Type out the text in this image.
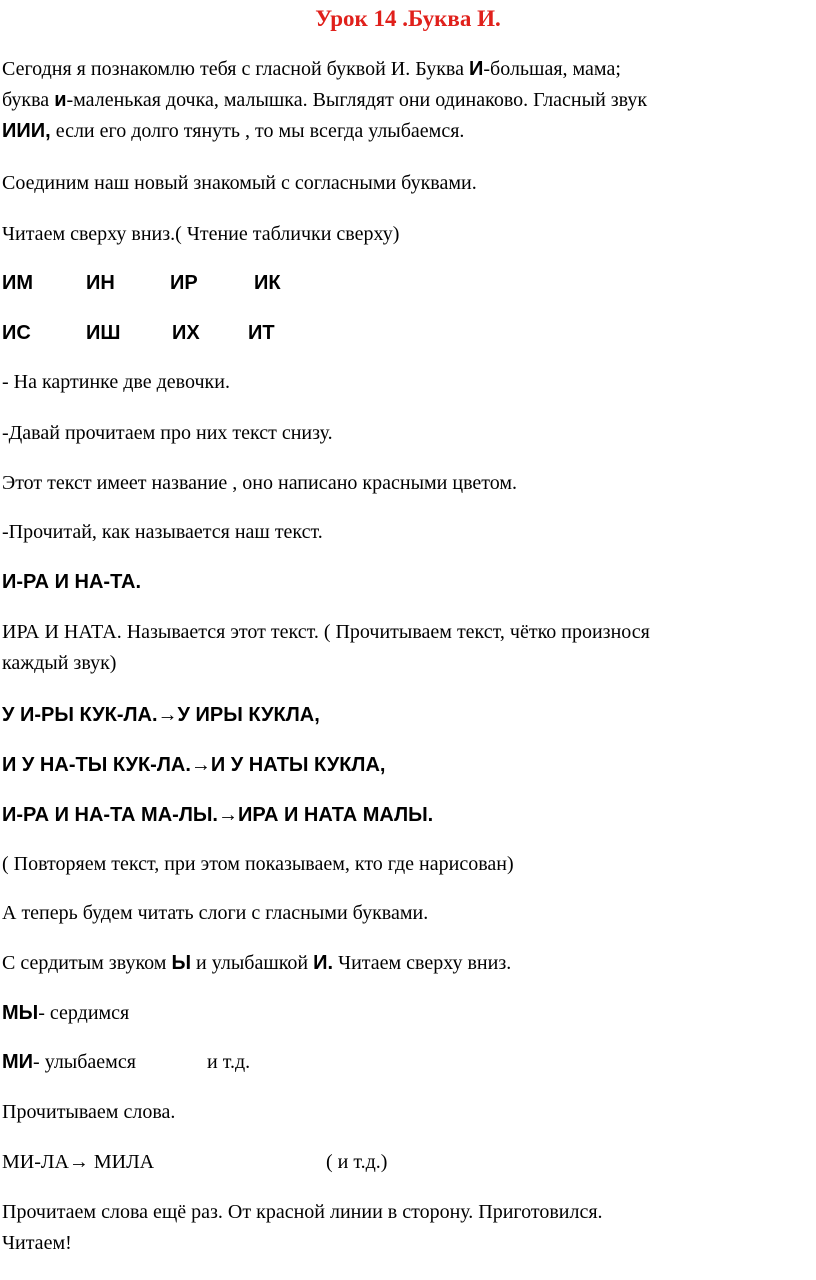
Урок 14 .Буква И.
Сегодня я познакомлю тебя с гласной буквой И. Буква И-большая, мама;
буква и-маленькая дочка, малышка. Выглядят они одинаково. Гласный звук
ИИИ, если его долго тянуть , то мы всегда улыбаемся.
Соединим наш новый знакомый с согласными буквами.
Читаем сверху вниз.( Чтение таблички сверху)
ИМ	ИН	ИР	ИК
ИС	ИШ	ИХ ИТ
- На картинке две девочки.
-Давай прочитаем про них текст снизу.
Этот текст имеет название , оно написано красными цветом.
-Прочитай, как называется наш текст.
И-РА И НА-ТА.
ИРА И НАТА. Называется этот текст. ( Прочитываем текст, чётко произнося
каждый звук)
У И-РЫ КУК-ЛА.→У ИРЫ КУКЛА,
И У НА-ТЫ КУК-ЛА.→И У НАТЫ КУКЛА,
И-РА И НА-ТА МА-ЛЫ.→ИРА И НАТА МАЛЫ.
( Повторяем текст, при этом показываем, кто где нарисован)
А теперь будем читать слоги с гласными буквами.
С сердитым звуком Ы и улыбашкой И. Читаем сверху вниз.
МЫ- сердимся
МИ- улыбаемся	и т.д.
Прочитываем слова.
МИ-ЛА→ МИЛА	( и т.д.)
Прочитаем слова ещё раз. От красной линии в сторону. Приготовился.
Читаем!
